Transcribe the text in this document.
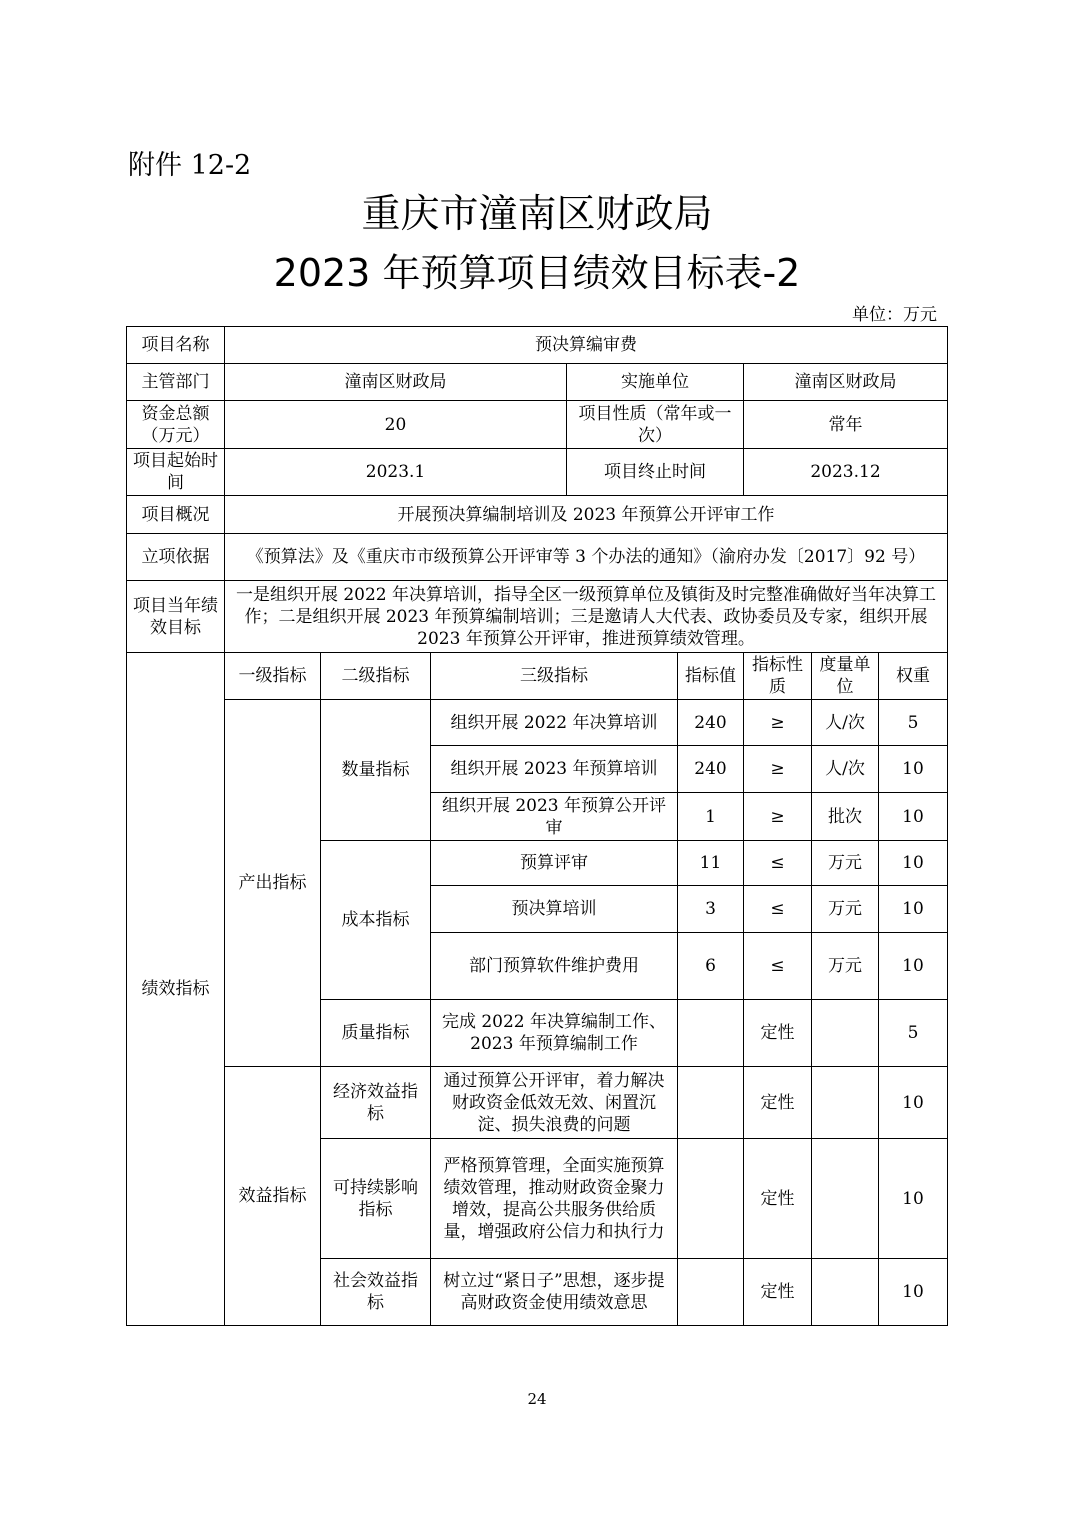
附件 12-2
重庆市潼南区财政局
2023 年预算项目绩效目标表-2
单位：万元
项目名称	预决算编审费							
主管部门	潼南区财政局			实施单位		潼南区财政局		
资金总额（万元）	20			项目性质（常年或一次）		常年		
项目起始时间	2023.1			项目终止时间		2023.12		
项目概况	开展预决算编制培训及 2023 年预算公开评审工作							
立项依据	《预算法》及《重庆市市级预算公开评审等 3 个办法的通知》（渝府办发〔2017〕92 号）							
项目当年绩效目标	一是组织开展 2022 年决算培训，指导全区一级预算单位及镇街及时完整准确做好当年决算工作；二是组织开展 2023 年预算编制培训；三是邀请人大代表、政协委员及专家，组织开展 2023 年预算公开评审，推进预算绩效管理。							
绩效指标	一级指标	二级指标	三级指标		指标值	指标性质	度量单位	权重
	产出指标	数量指标	组织开展 2022 年决算培训		240	≥	人/次	5
			组织开展 2023 年预算培训		240	≥	人/次	10
			组织开展 2023 年预算公开评审		1	≥	批次	10
		成本指标	预算评审		11	≤	万元	10
			预决算培训		3	≤	万元	10
			部门预算软件维护费用		6	≤	万元	10
		质量指标	完成 2022 年决算编制工作、2023 年预算编制工作			定性		5
	效益指标	经济效益指标	通过预算公开评审，着力解决财政资金低效无效、闲置沉淀、损失浪费的问题			定性		10
		可持续影响指标	严格预算管理，全面实施预算绩效管理，推动财政资金聚力增效，提高公共服务供给质量，增强政府公信力和执行力			定性		10
		社会效益指标	树立过“紧日子”思想，逐步提高财政资金使用绩效意思			定性		10
24
